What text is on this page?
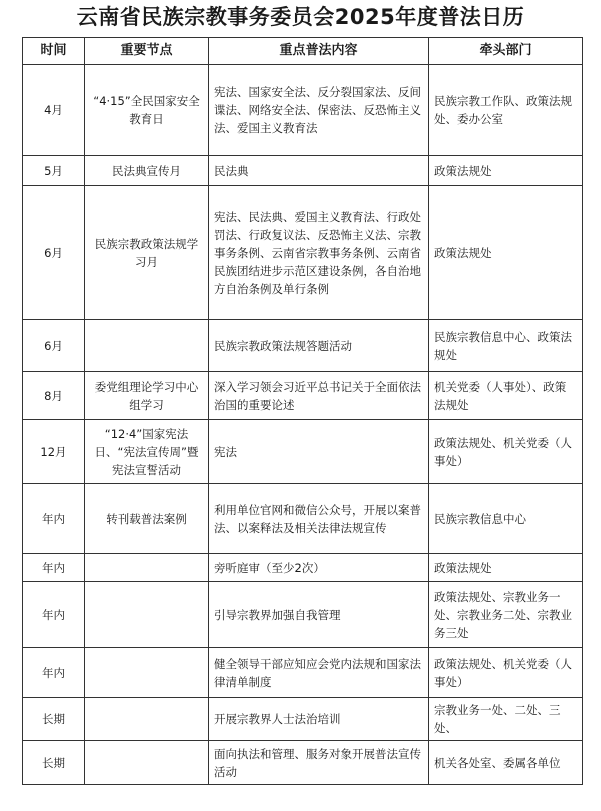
云南省民族宗教事务委员会2025年度普法日历
时间	重要节点	重点普法内容	牵头部门
4月	“4·15”全民国家安全教育日	宪法、国家安全法、反分裂国家法、反间谍法、网络安全法、保密法、反恐怖主义法、爱国主义教育法	民族宗教工作队、政策法规处、委办公室
5月	民法典宣传月	民法典	政策法规处
6月	民族宗教政策法规学习月	宪法、民法典、爱国主义教育法、行政处罚法、行政复议法、反恐怖主义法、宗教事务条例、云南省宗教事务条例、云南省民族团结进步示范区建设条例，各自治地方自治条例及单行条例	政策法规处
6月		民族宗教政策法规答题活动	民族宗教信息中心、政策法规处
8月	委党组理论学习中心组学习	深入学习领会习近平总书记关于全面依法治国的重要论述	机关党委（人事处）、政策法规处
12月	“12·4”国家宪法日、“宪法宣传周”暨宪法宣誓活动	宪法	政策法规处、机关党委（人事处）
年内	转刊载普法案例	利用单位官网和微信公众号，开展以案普法、以案释法及相关法律法规宣传	民族宗教信息中心
年内		旁听庭审（至少2次）	政策法规处
年内		引导宗教界加强自我管理	政策法规处、宗教业务一处、宗教业务二处、宗教业务三处
年内		健全领导干部应知应会党内法规和国家法律清单制度	政策法规处、机关党委（人事处）
长期		开展宗教界人士法治培训	宗教业务一处、二处、三处、
长期		面向执法和管理、服务对象开展普法宣传活动	机关各处室、委属各单位
